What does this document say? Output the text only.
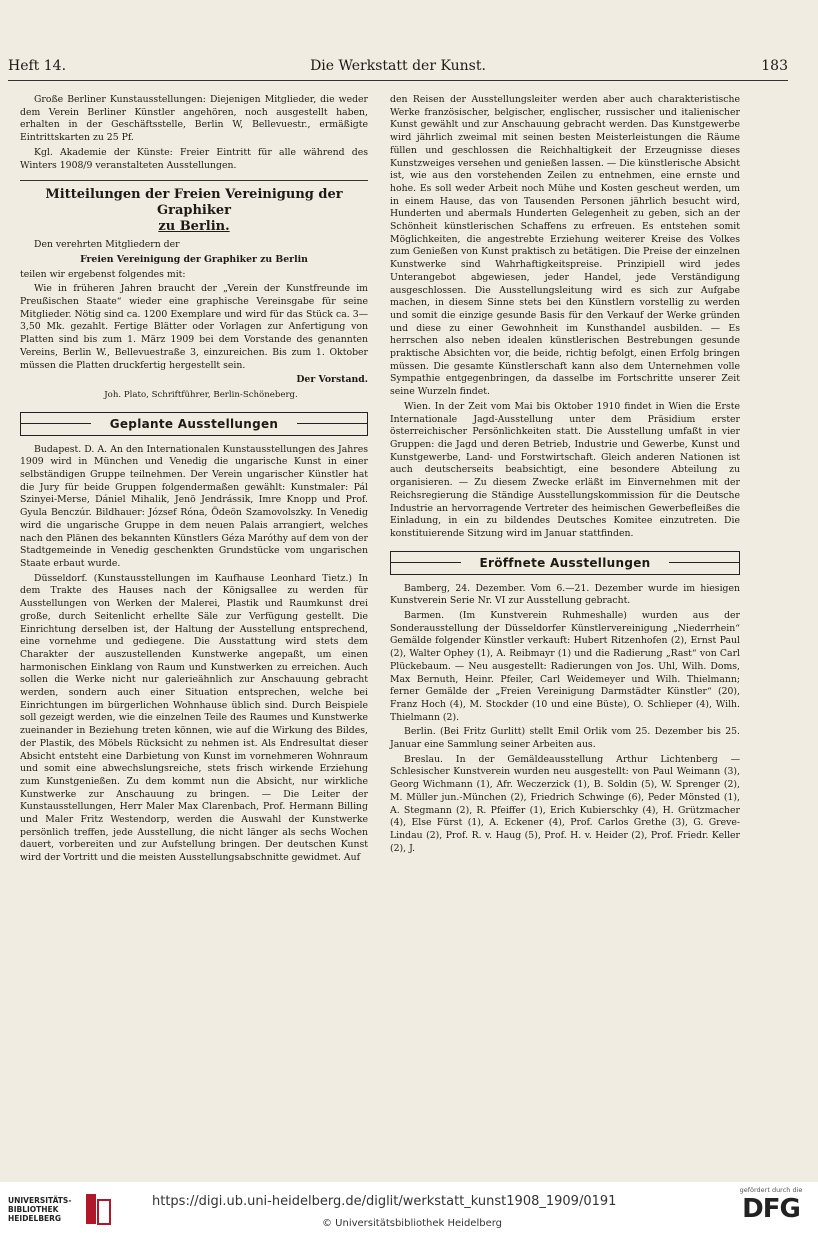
Heft 14.	Die Werkstatt der Kunst.	183

Große Berliner Kunstausstellungen: Diejenigen Mitglieder, die weder dem Verein Berliner Künstler angehören, noch ausgestellt haben, erhalten in der Geschäftsstelle, Berlin W, Bellevuestr., ermäßigte Eintrittskarten zu 25 Pf.

Kgl. Akademie der Künste: Freier Eintritt für alle während des Winters 1908/9 veranstalteten Ausstellungen.

Mitteilungen der Freien Vereinigung der Graphiker
zu Berlin.

Den verehrten Mitgliedern der

Freien Vereinigung der Graphiker zu Berlin

teilen wir ergebenst folgendes mit:

Wie in früheren Jahren braucht der „Verein der Kunstfreunde im Preußischen Staate“ wieder eine graphische Vereinsgabe für seine Mitglieder. Nötig sind ca. 1200 Exemplare und wird für das Stück ca. 3—3,50 Mk. gezahlt. Fertige Blätter oder Vorlagen zur Anfertigung von Platten sind bis zum 1. März 1909 bei dem Vorstande des genannten Vereins, Berlin W., Bellevuestraße 3, einzureichen. Bis zum 1. Oktober müssen die Platten druckfertig hergestellt sein.

Der Vorstand.

Joh. Plato, Schriftführer, Berlin-Schöneberg.

Geplante Ausstellungen

Budapest. D. A. An den Internationalen Kunstausstellungen des Jahres 1909 wird in München und Venedig die ungarische Kunst in einer selbständigen Gruppe teilnehmen. Der Verein ungarischer Künstler hat die Jury für beide Gruppen folgendermaßen gewählt: Kunstmaler: Pál Szinyei-Merse, Dániel Mihalik, Jenö Jendrássik, Imre Knopp und Prof. Gyula Benczúr. Bildhauer: József Róna, Ödeön Szamovolszky. In Venedig wird die ungarische Gruppe in dem neuen Palais arrangiert, welches nach den Plänen des bekannten Künstlers Géza Maróthy auf dem von der Stadtgemeinde in Venedig geschenkten Grundstücke vom ungarischen Staate erbaut wurde.

Düsseldorf. (Kunstausstellungen im Kaufhause Leonhard Tietz.) In dem Trakte des Hauses nach der Königsallee zu werden für Ausstellungen von Werken der Malerei, Plastik und Raumkunst drei große, durch Seitenlicht erhellte Säle zur Verfügung gestellt. Die Einrichtung derselben ist, der Haltung der Ausstellung entsprechend, eine vornehme und gediegene. Die Ausstattung wird stets dem Charakter der auszustellenden Kunstwerke angepaßt, um einen harmonischen Einklang von Raum und Kunstwerken zu erreichen. Auch sollen die Werke nicht nur galerieähnlich zur Anschauung gebracht werden, sondern auch einer Situation entsprechen, welche bei Einrichtungen im bürgerlichen Wohnhause üblich sind. Durch Beispiele soll gezeigt werden, wie die einzelnen Teile des Raumes und Kunstwerke zueinander in Beziehung treten können, wie auf die Wirkung des Bildes, der Plastik, des Möbels Rücksicht zu nehmen ist. Als Endresultat dieser Absicht entsteht eine Darbietung von Kunst im vornehmeren Wohnraum und somit eine abwechslungsreiche, stets frisch wirkende Erziehung zum Kunstgenießen. Zu dem kommt nun die Absicht, nur wirkliche Kunstwerke zur Anschauung zu bringen. — Die Leiter der Kunstausstellungen, Herr Maler Max Clarenbach, Prof. Hermann Billing und Maler Fritz Westendorp, werden die Auswahl der Kunstwerke persönlich treffen, jede Ausstellung, die nicht länger als sechs Wochen dauert, vorbereiten und zur Aufstellung bringen. Der deutschen Kunst wird der Vortritt und die meisten Ausstellungsabschnitte gewidmet. Auf

den Reisen der Ausstellungsleiter werden aber auch charakteristische Werke französischer, belgischer, englischer, russischer und italienischer Kunst gewählt und zur Anschauung gebracht werden. Das Kunstgewerbe wird jährlich zweimal mit seinen besten Meisterleistungen die Räume füllen und geschlossen die Reichhaltigkeit der Erzeugnisse dieses Kunstzweiges versehen und genießen lassen. — Die künstlerische Absicht ist, wie aus den vorstehenden Zeilen zu entnehmen, eine ernste und hohe. Es soll weder Arbeit noch Mühe und Kosten gescheut werden, um in einem Hause, das von Tausenden Personen jährlich besucht wird, Hunderten und abermals Hunderten Gelegenheit zu geben, sich an der Schönheit künstlerischen Schaffens zu erfreuen. Es entstehen somit Möglichkeiten, die angestrebte Erziehung weiterer Kreise des Volkes zum Genießen von Kunst praktisch zu betätigen. Die Preise der einzelnen Kunstwerke sind Wahrhaftigkeitspreise. Prinzipiell wird jedes Unterangebot abgewiesen, jeder Handel, jede Verständigung ausgeschlossen. Die Ausstellungsleitung wird es sich zur Aufgabe machen, in diesem Sinne stets bei den Künstlern vorstellig zu werden und somit die einzige gesunde Basis für den Verkauf der Werke gründen und diese zu einer Gewohnheit im Kunsthandel ausbilden. — Es herrschen also neben idealen künstlerischen Bestrebungen gesunde praktische Absichten vor, die beide, richtig befolgt, einen Erfolg bringen müssen. Die gesamte Künstlerschaft kann also dem Unternehmen volle Sympathie entgegenbringen, da dasselbe im Fortschritte unserer Zeit seine Wurzeln findet.

Wien. In der Zeit vom Mai bis Oktober 1910 findet in Wien die Erste Internationale Jagd-Ausstellung unter dem Präsidium erster österreichischer Persönlichkeiten statt. Die Ausstellung umfaßt in vier Gruppen: die Jagd und deren Betrieb, Industrie und Gewerbe, Kunst und Kunstgewerbe, Land- und Forstwirtschaft. Gleich anderen Nationen ist auch deutscherseits beabsichtigt, eine besondere Abteilung zu organisieren. — Zu diesem Zwecke erläßt im Einvernehmen mit der Reichsregierung die Ständige Ausstellungskommission für die Deutsche Industrie an hervorragende Vertreter des heimischen Gewerbefleißes die Einladung, in ein zu bildendes Deutsches Komitee einzutreten. Die konstituierende Sitzung wird im Januar stattfinden.

Eröffnete Ausstellungen

Bamberg, 24. Dezember. Vom 6.—21. Dezember wurde im hiesigen Kunstverein Serie Nr. VI zur Ausstellung gebracht.

Barmen. (Im Kunstverein Ruhmeshalle) wurden aus der Sonderausstellung der Düsseldorfer Künstlervereinigung „Niederrhein“ Gemälde folgender Künstler verkauft: Hubert Ritzenhofen (2), Ernst Paul (2), Walter Ophey (1), A. Reibmayr (1) und die Radierung „Rast“ von Carl Plückebaum. — Neu ausgestellt: Radierungen von Jos. Uhl, Wilh. Doms, Max Bernuth, Heinr. Pfeiler, Carl Weidemeyer und Wilh. Thielmann; ferner Gemälde der „Freien Vereinigung Darmstädter Künstler“ (20), Franz Hoch (4), M. Stockder (10 und eine Büste), O. Schlieper (4), Wilh. Thielmann (2).

Berlin. (Bei Fritz Gurlitt) stellt Emil Orlik vom 25. Dezember bis 25. Januar eine Sammlung seiner Arbeiten aus.

Breslau. In der Gemäldeausstellung Arthur Lichtenberg — Schlesischer Kunstverein wurden neu ausgestellt: von Paul Weimann (3), Georg Wichmann (1), Afr. Weczerzick (1), B. Soldin (5), W. Sprenger (2), M. Müller jun.-München (2), Friedrich Schwinge (6), Peder Mönsted (1), A. Stegmann (2), R. Pfeiffer (1), Erich Kubierschky (4), H. Grützmacher (4), Else Fürst (1), A. Eckener (4), Prof. Carlos Grethe (3), G. Greve-Lindau (2), Prof. R. v. Haug (5), Prof. H. v. Heider (2), Prof. Friedr. Keller (2), J.

UNIVERSITÄTS-BIBLIOTHEK HEIDELBERG
https://digi.ub.uni-heidelberg.de/diglit/werkstatt_kunst1908_1909/0191
© Universitätsbibliothek Heidelberg
gefördert durch die
DFG
